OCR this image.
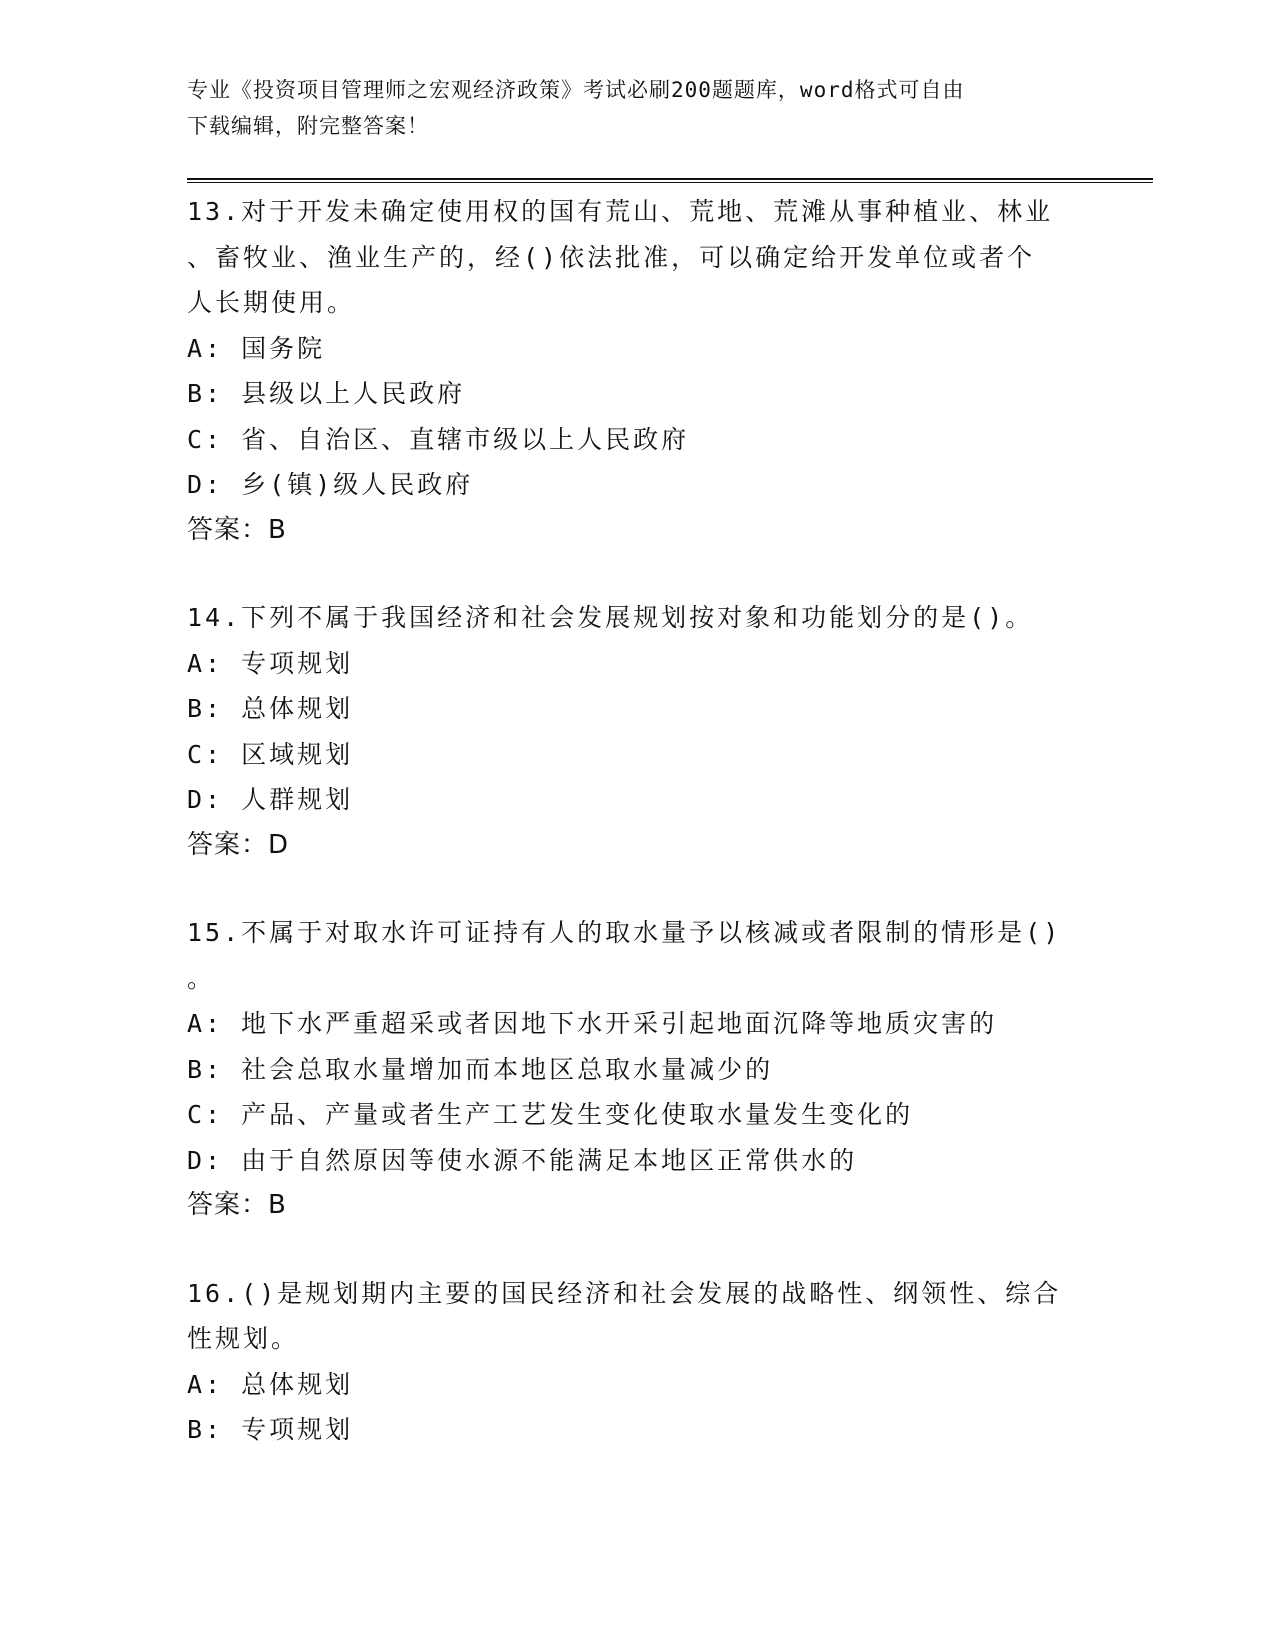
专业《投资项目管理师之宏观经济政策》考试必刷200题题库，word格式可自由
下载编辑，附完整答案！
13.对于开发未确定使用权的国有荒山、荒地、荒滩从事种植业、林业
、畜牧业、渔业生产的，经()依法批准，可以确定给开发单位或者个
人长期使用。
A: 国务院
B: 县级以上人民政府
C: 省、自治区、直辖市级以上人民政府
D: 乡(镇)级人民政府
答案：B
14.下列不属于我国经济和社会发展规划按对象和功能划分的是()。
A: 专项规划
B: 总体规划
C: 区域规划
D: 人群规划
答案：D
15.不属于对取水许可证持有人的取水量予以核减或者限制的情形是()
。
A: 地下水严重超采或者因地下水开采引起地面沉降等地质灾害的
B: 社会总取水量增加而本地区总取水量减少的
C: 产品、产量或者生产工艺发生变化使取水量发生变化的
D: 由于自然原因等使水源不能满足本地区正常供水的
答案：B
16.()是规划期内主要的国民经济和社会发展的战略性、纲领性、综合
性规划。
A: 总体规划
B: 专项规划
